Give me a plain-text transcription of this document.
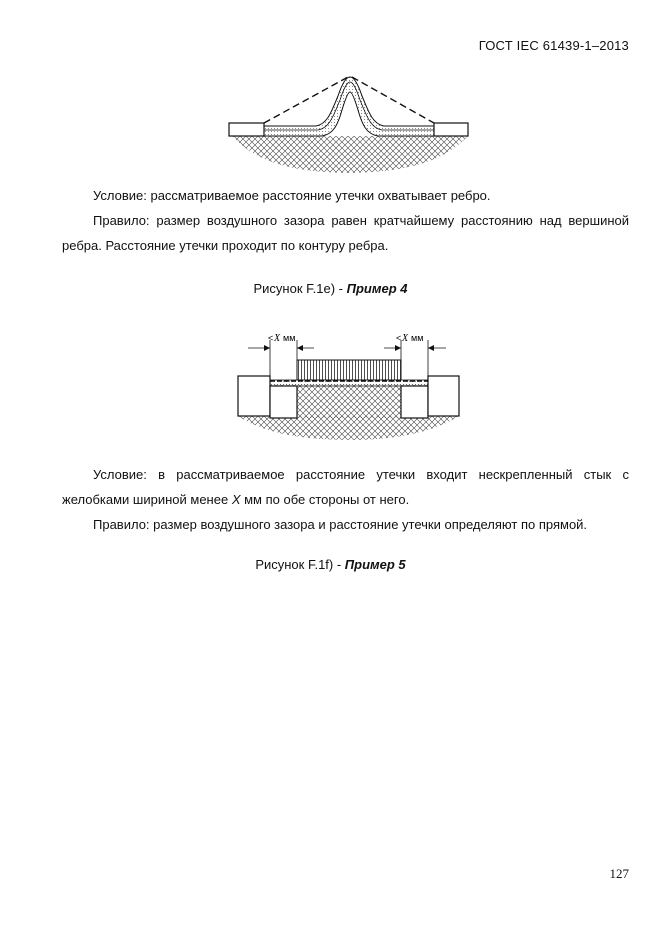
ГОСТ IEC 61439-1–2013
Условие: рассматриваемое расстояние утечки охватывает ребро.
Правило: размер воздушного зазора равен кратчайшему расстоянию над вершиной
ребра. Расстояние утечки проходит по контуру ребра.
Рисунок F.1е) - Пример 4
< X мм	< X мм
Условие: в рассматриваемое расстояние утечки входит нескрепленный стык с
желобками шириной менее X мм по обе стороны от него.
Правило: размер воздушного зазора и расстояние утечки определяют по прямой.
Рисунок F.1f) - Пример 5
127
